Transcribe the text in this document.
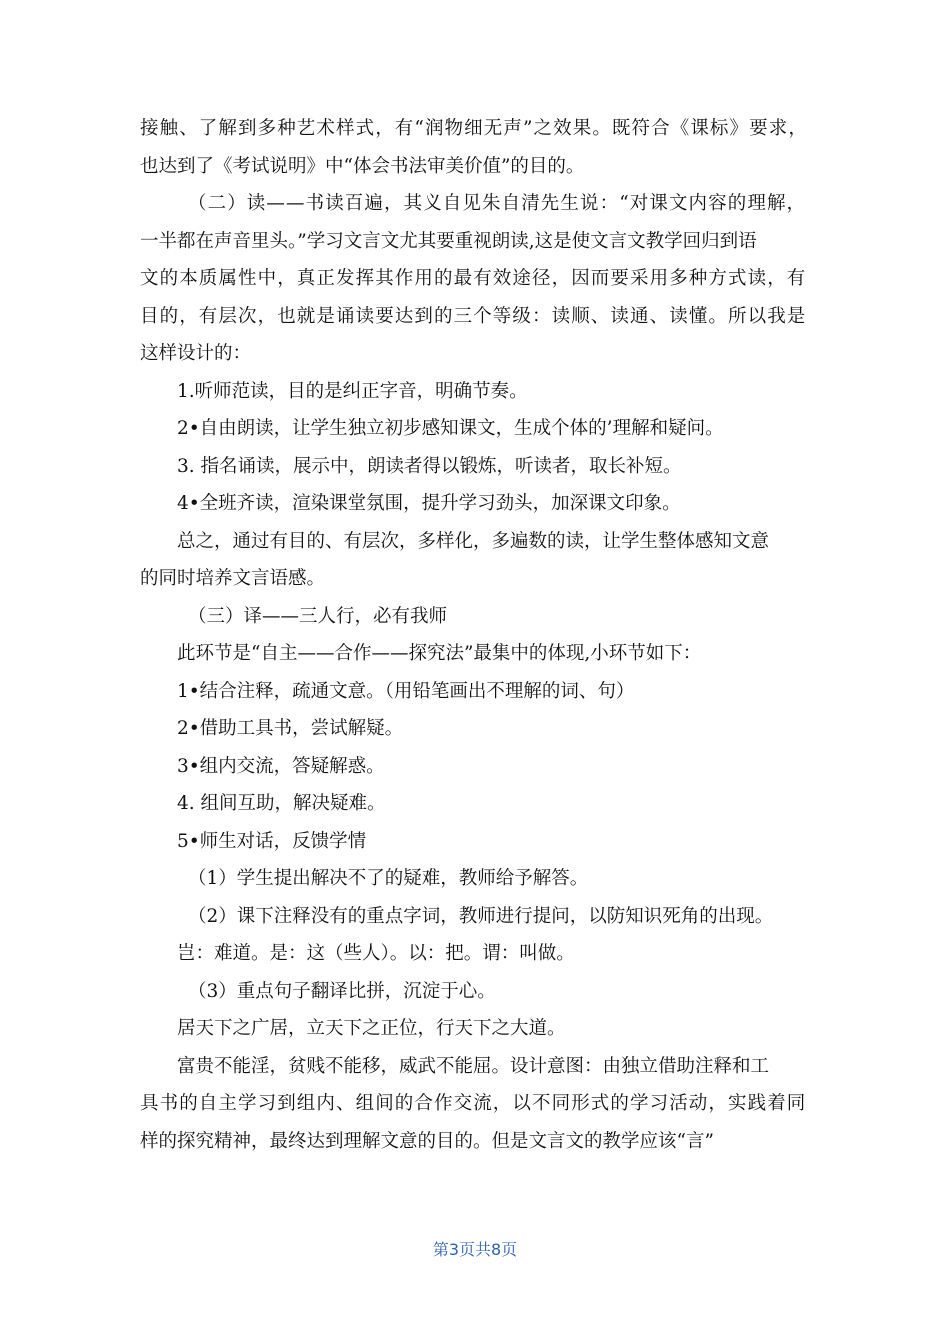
接触、了解到多种艺术样式，有“润物细无声”之效果。既符合《课标》要求，
也达到了《考试说明》中“体会书法审美价值”的目的。
（二）读——书读百遍，其义自见朱自清先生说：“对课文内容的理解，
一半都在声音里头。”学习文言文尤其要重视朗读,这是使文言文教学回归到语
文的本质属性中，真正发挥其作用的最有效途径，因而要采用多种方式读，有
目的，有层次，也就是诵读要达到的三个等级：读顺、读通、读懂。所以我是
这样设计的：
1.听师范读，目的是纠正字音，明确节奏。
2•自由朗读，让学生独立初步感知课文，生成个体的’理解和疑问。
3. 指名诵读，展示中，朗读者得以锻炼，听读者，取长补短。
4•全班齐读，渲染课堂氛围，提升学习劲头，加深课文印象。
总之，通过有目的、有层次，多样化，多遍数的读，让学生整体感知文意
的同时培养文言语感。
（三）译——三人行，必有我师
此环节是“自主——合作——探究法”最集中的体现,小环节如下：
1•结合注释，疏通文意。（用铅笔画出不理解的词、句）
2•借助工具书，尝试解疑。
3•组内交流，答疑解惑。
4. 组间互助，解决疑难。
5•师生对话，反馈学情
（1）学生提出解决不了的疑难，教师给予解答。
（2）课下注释没有的重点字词，教师进行提问，以防知识死角的出现。
岂：难道。是：这（些人）。以：把。谓：叫做。
（3）重点句子翻译比拼，沉淀于心。
居天下之广居，立天下之正位，行天下之大道。
富贵不能淫，贫贱不能移，威武不能屈。设计意图：由独立借助注释和工
具书的自主学习到组内、组间的合作交流，以不同形式的学习活动，实践着同
样的探究精神，最终达到理解文意的目的。但是文言文的教学应该“言”
第3页共8页
